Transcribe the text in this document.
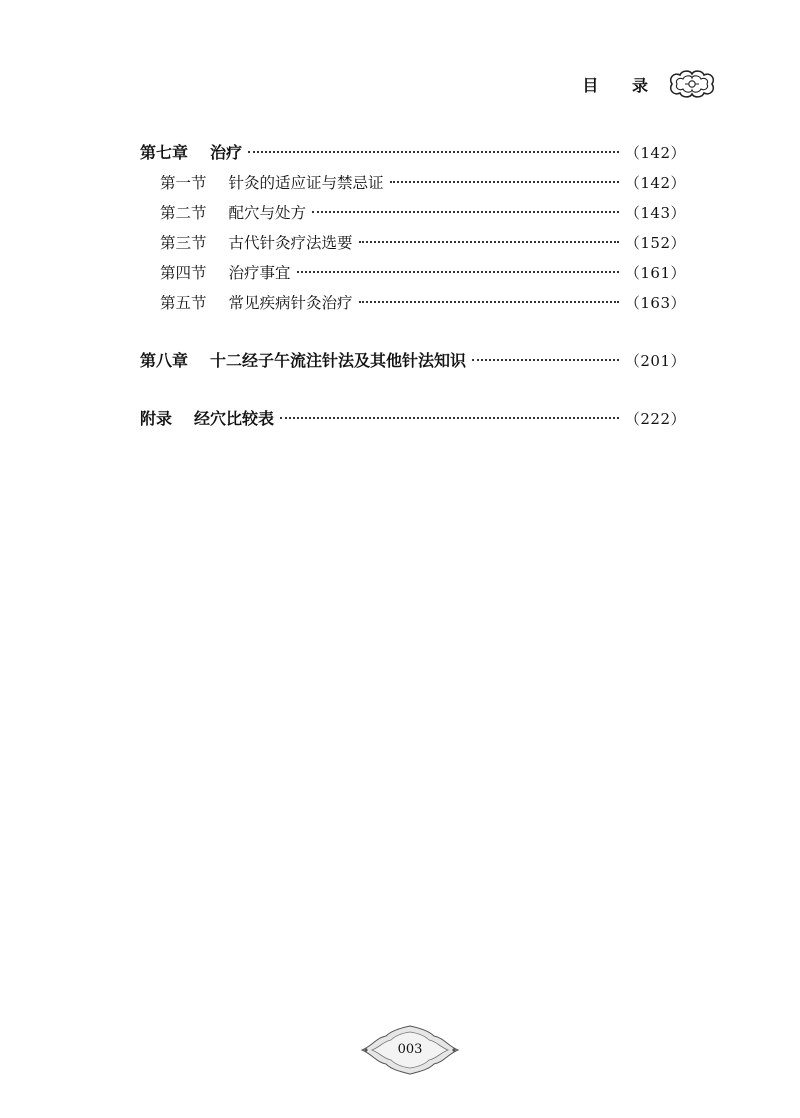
目 录
第七章 治疗	（142）
第一节 针灸的适应证与禁忌证	（142）
第二节 配穴与处方	（143）
第三节 古代针灸疗法选要	（152）
第四节 治疗事宜	（161）
第五节 常见疾病针灸治疗	（163）
第八章 十二经子午流注针法及其他针法知识	（201）
附录 经穴比较表	（222）
003
